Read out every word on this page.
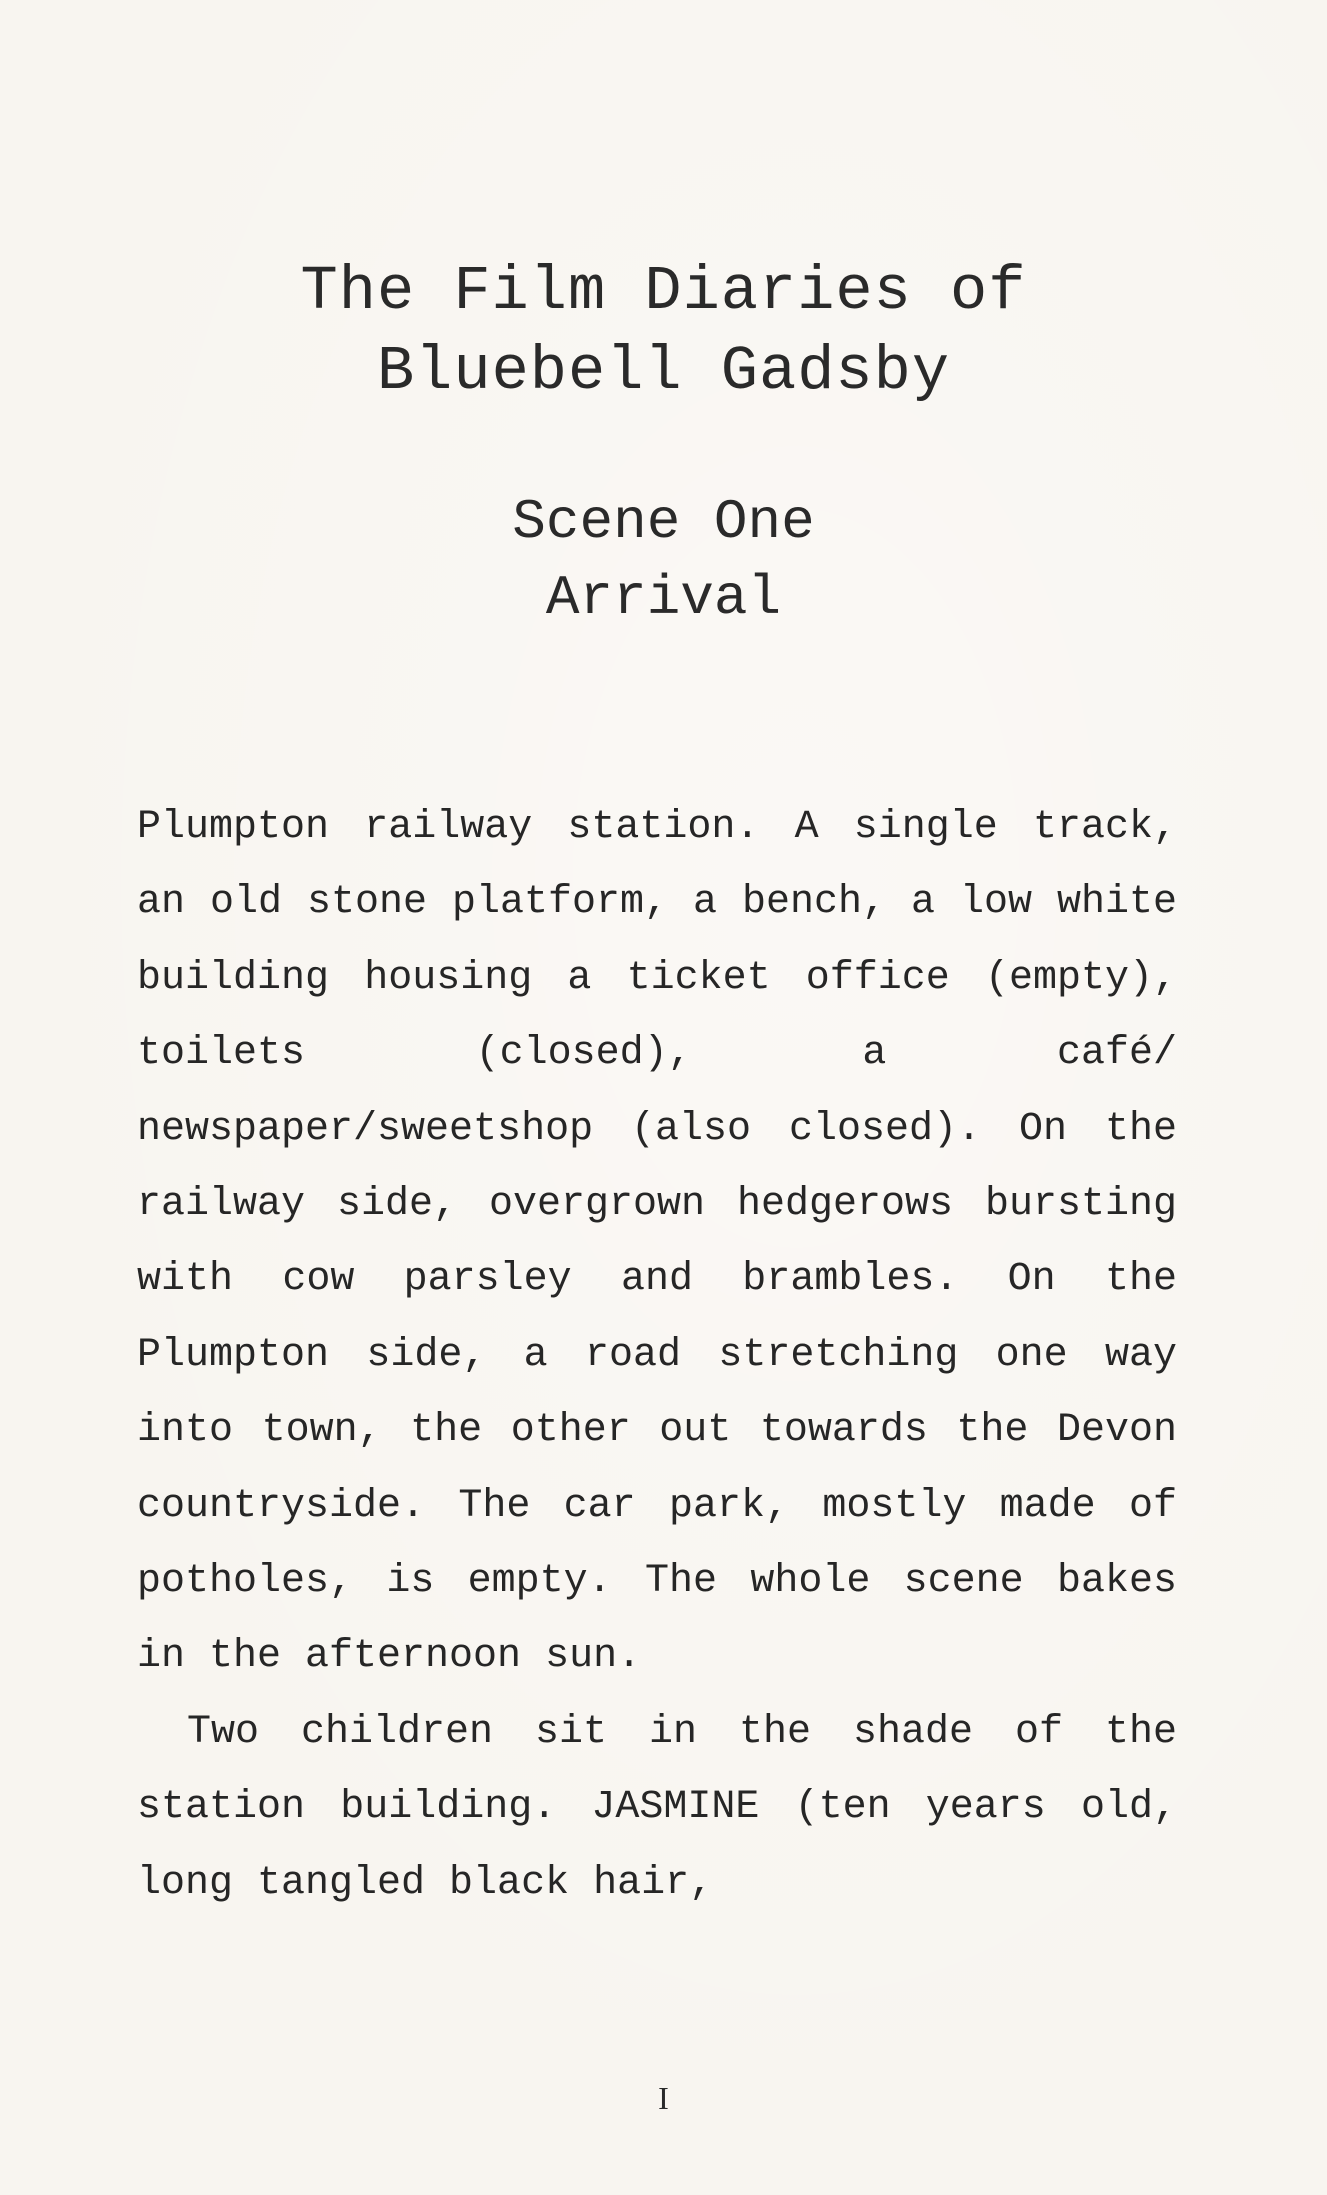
The Film Diaries of
Bluebell Gadsby
Scene One
Arrival

Plumpton railway station. A single track, an old stone platform, a bench, a low white building housing a ticket office (empty), toilets (closed), a café/ newspaper/sweetshop (also closed). On the railway side, overgrown hedgerows bursting with cow parsley and brambles. On the Plumpton side, a road stretching one way into town, the other out towards the Devon countryside. The car park, mostly made of potholes, is empty. The whole scene bakes in the afternoon sun.

Two children sit in the shade of the station building. JASMINE (ten years old, long tangled black hair,

I
